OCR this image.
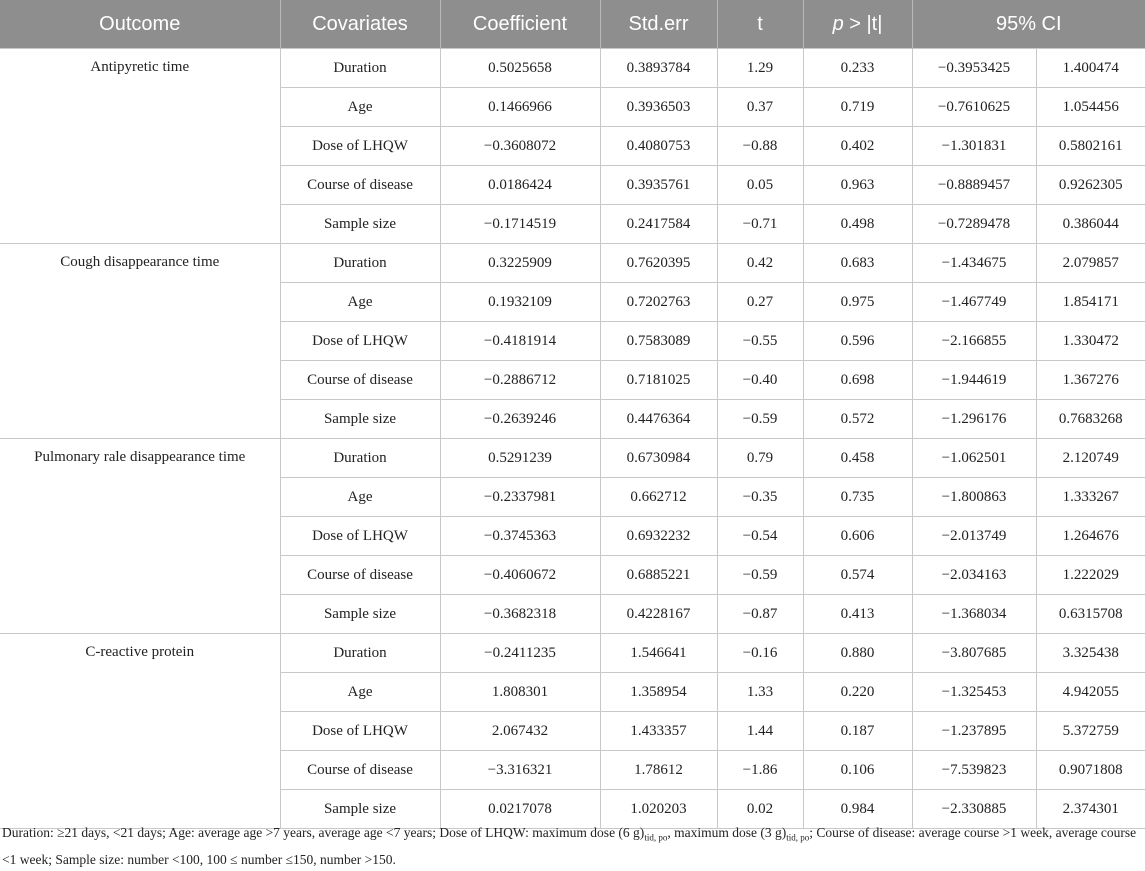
Outcome	Covariates	Coefficient	Std.err	t	p > |t|	95% CI	
Antipyretic time	Duration	0.5025658	0.3893784	1.29	0.233	−0.3953425	1.400474
	Age	0.1466966	0.3936503	0.37	0.719	−0.7610625	1.054456
	Dose of LHQW	−0.3608072	0.4080753	−0.88	0.402	−1.301831	0.5802161
	Course of disease	0.0186424	0.3935761	0.05	0.963	−0.8889457	0.9262305
	Sample size	−0.1714519	0.2417584	−0.71	0.498	−0.7289478	0.386044
Cough disappearance time	Duration	0.3225909	0.7620395	0.42	0.683	−1.434675	2.079857
	Age	0.1932109	0.7202763	0.27	0.975	−1.467749	1.854171
	Dose of LHQW	−0.4181914	0.7583089	−0.55	0.596	−2.166855	1.330472
	Course of disease	−0.2886712	0.7181025	−0.40	0.698	−1.944619	1.367276
	Sample size	−0.2639246	0.4476364	−0.59	0.572	−1.296176	0.7683268
Pulmonary rale disappearance time	Duration	0.5291239	0.6730984	0.79	0.458	−1.062501	2.120749
	Age	−0.2337981	0.662712	−0.35	0.735	−1.800863	1.333267
	Dose of LHQW	−0.3745363	0.6932232	−0.54	0.606	−2.013749	1.264676
	Course of disease	−0.4060672	0.6885221	−0.59	0.574	−2.034163	1.222029
	Sample size	−0.3682318	0.4228167	−0.87	0.413	−1.368034	0.6315708
C-reactive protein	Duration	−0.2411235	1.546641	−0.16	0.880	−3.807685	3.325438
	Age	1.808301	1.358954	1.33	0.220	−1.325453	4.942055
	Dose of LHQW	2.067432	1.433357	1.44	0.187	−1.237895	5.372759
	Course of disease	−3.316321	1.78612	−1.86	0.106	−7.539823	0.9071808
	Sample size	0.0217078	1.020203	0.02	0.984	−2.330885	2.374301
Duration: ≥21 days, <21 days; Age: average age >7 years, average age <7 years; Dose of LHQW: maximum dose (6 $g)_{tid, po}$, maximum dose (3 $g)_{tid, po}$; Course of disease: average course >1 week, average course <1 week; Sample size: number <100, 100 ≤ number ≤150, number >150.
